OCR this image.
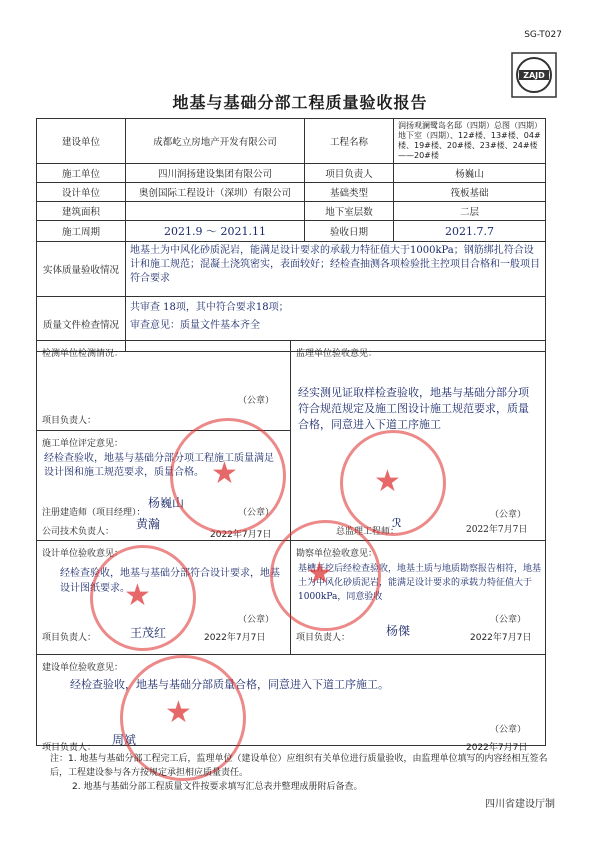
SG-T027
ZAJD
地基与基础分部工程质量验收报告
建设单位	成都屹立房地产开发有限公司	工程名称	润扬观澜鹭岛名邸（四期）总图（四期）地下室（四期）、12#楼、13#楼、04#楼、19#楼、20#楼、23#楼、24#楼——20#楼
施工单位	四川润扬建设集团有限公司	项目负责人	杨巍山
设计单位	奥创国际工程设计（深圳）有限公司	基础类型	筏板基础
建筑面积		地下室层数	二层
施工周期	2021.9 ～ 2021.11	验收日期	2021.7.7
实体质量验收情况	地基土为中风化砂质泥岩，能满足设计要求的承载力特征值大于1000kPa；钢筋绑扎符合设计和施工规范；混凝土浇筑密实，表面较好；经检查抽测各项检验批主控项目合格和一般项目符合要求		
质量文件检查情况	共审查 18项，其中符合要求18项；
审查意见：质量文件基本齐全		
检测单位检测情况：
（公章）
项目负责人：
监理单位验收意见：
经实测见证取样检查验收，地基与基础分部分项符合规范规定及施工图设计施工规范要求，质量合格，同意进入下道工序施工
（公章）
总监理工程师：
ℛ	2022年7月7日
施工单位评定意见：
经检查验收，地基与基础分部分项工程施工质量满足设计图和施工规范要求，质量合格。
注册建造师（项目经理）：
杨巍山
公司技术负责人：
黄瀚
（公章）
2022年7月7日
设计单位验收意见：
经检查验收，地基与基础分部符合设计要求，地基设计图纸要求。
（公章）
项目负责人：	王茂红	2022年7月7日
勘察单位验收意见：
基槽开挖后经检查验收，地基土质与地质勘察报告相符，地基土为中风化砂质泥岩，能满足设计要求的承载力特征值大于1000kPa，同意验收
（公章）
项目负责人：	杨傑	2022年7月7日
建设单位验收意见：
经检查验收，地基与基础分部质量合格，同意进入下道工序施工。
（公章）
项目负责人：
周斌
2022年7月7日
★
★
★
★
★
注：1. 地基与基础分部工程完工后，监理单位（建设单位）应组织有关单位进行质量验收，由监理单位填写的内容经相互签名后，工程建设参与各方按规定承担相应质量责任。
2. 地基与基础分部工程质量文件按要求填写汇总表并整理成册附后备查。
四川省建设厅制
